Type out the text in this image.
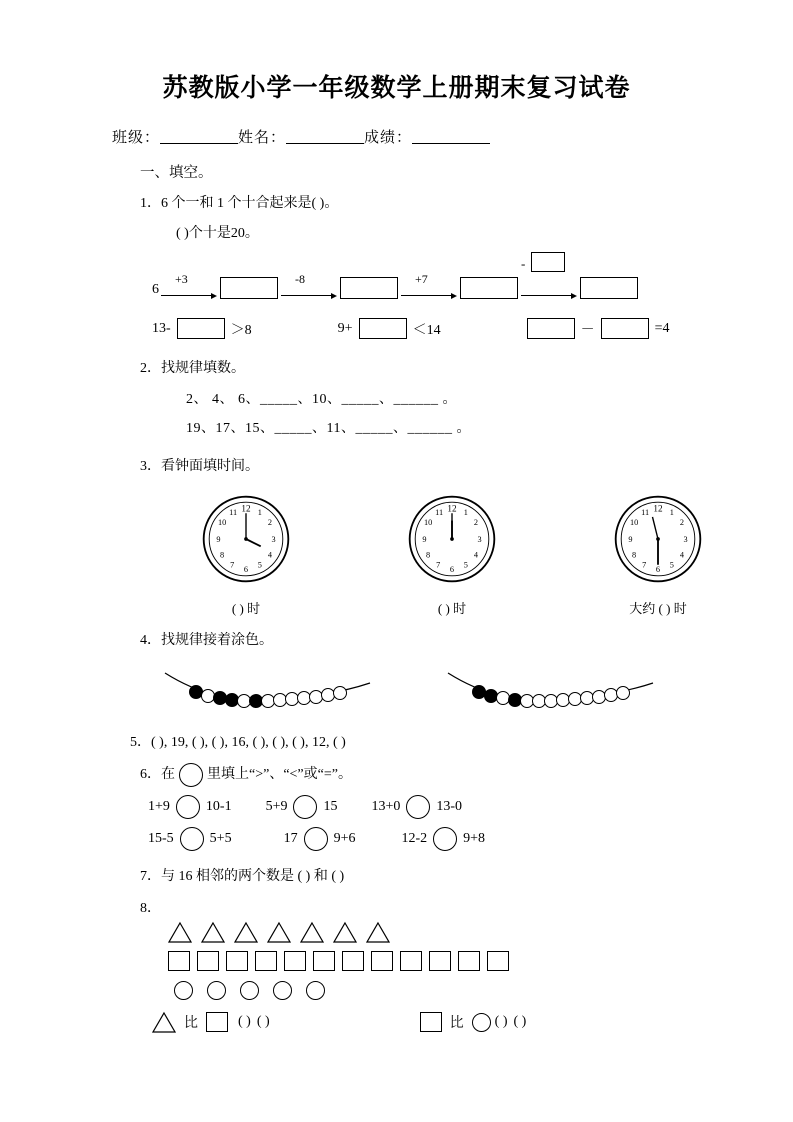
苏教版小学一年级数学上册期末复习试卷
班级：	姓名：	成绩：
一、填空。
1．6 个一和 1 个十合起来是( )。
( )个十是20。
6
+3	-8	+7
-
13-	＞8	9+	＜14	－	=4
2．找规律填数。
2、 4、 6、_____、10、_____、______ 。
19、17、15、_____、11、_____、______ 。
3．看钟面填时间。
12 1
2
3
4
5
6
7
8
9
10
11	12 1
2
3
4
5
6
7
8
9
10
11	12 1
2
3
4
5
6
7
8
9
10
11
( ) 时	( ) 时	大约 ( ) 时
4．找规律接着涂色。
5．( ), 19, ( ), ( ), 16, ( ), ( ), ( ), 12, ( )
6．在 里填上“>”、“<”或“=”。
1+9	10-1 5+9	15 13+0	13-0
15-5	5+5	17	9+6	12-2	9+8
7．与 16 相邻的两个数是 ( ) 和 ( )
8．
比	( ) ( )	比 ( ) ( )
